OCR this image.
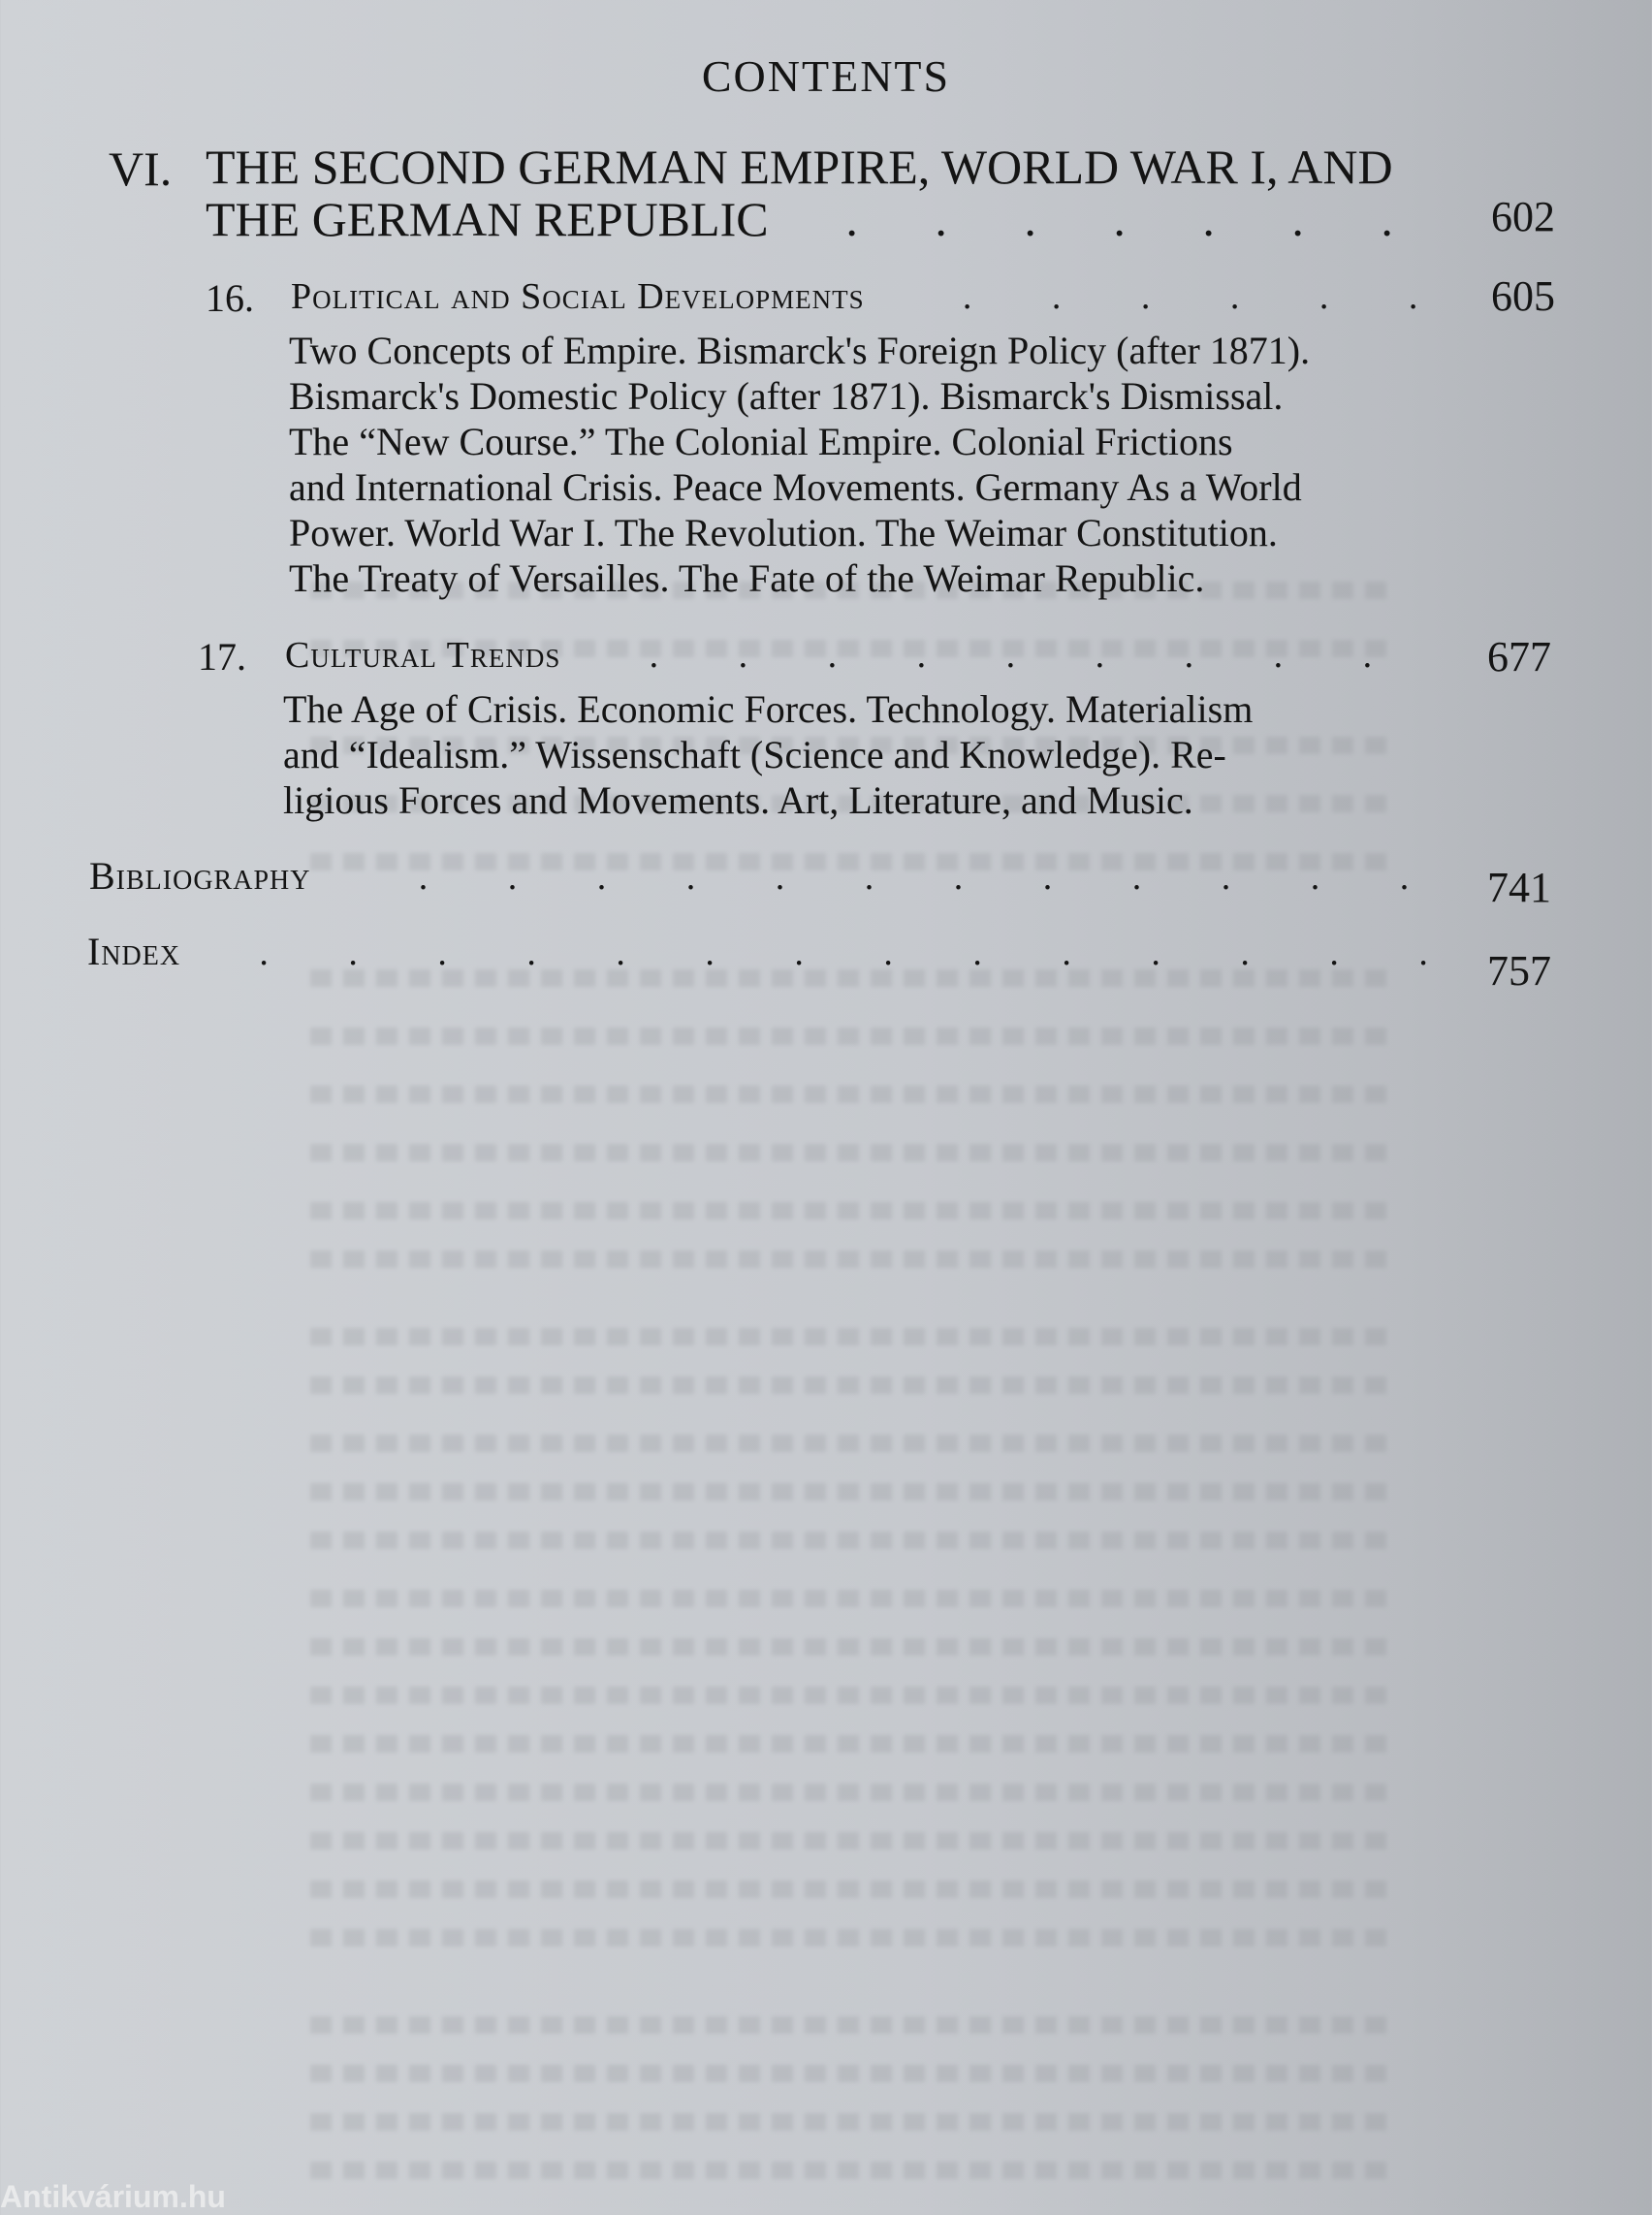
CONTENTS
VI. THE SECOND GERMAN EMPIRE, WORLD WAR I, AND
THE GERMAN REPUBLIC	. . . . . . .	602
16. Political and Social Developments	. . . . . .	605
Two Concepts of Empire. Bismarck's Foreign Policy (after 1871).
Bismarck's Domestic Policy (after 1871). Bismarck's Dismissal.
The “New Course.” The Colonial Empire. Colonial Frictions
and International Crisis. Peace Movements. Germany As a World
Power. World War I. The Revolution. The Weimar Constitution.
The Treaty of Versailles. The Fate of the Weimar Republic.
17. Cultural Trends	. . . . . . . . .	677
The Age of Crisis. Economic Forces. Technology. Materialism
and “Idealism.” Wissenschaft (Science and Knowledge). Re-
ligious Forces and Movements. Art, Literature, and Music.
Bibliography	. . . . . . . . . . . .	741
Index	. . . . . . . . . . . . . .	757
Antikvárium.hu
